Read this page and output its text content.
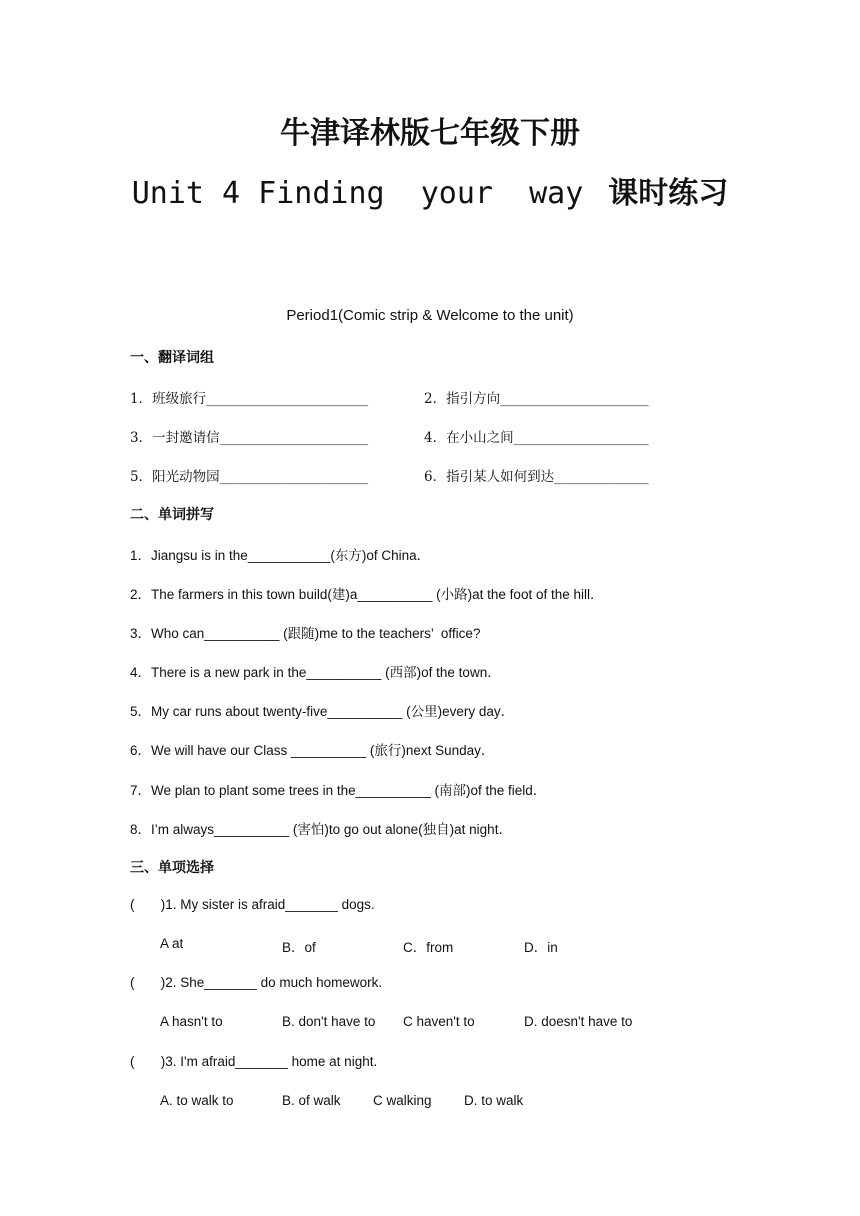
牛津译林版七年级下册
Unit 4 Finding  your  way 课时练习
Period1(Comic strip & Welcome to the unit)
一、翻译词组
1．班级旅行________________________	2．指引方向______________________
3．一封邀请信______________________	4．在小山之间____________________
5．阳光动物园______________________	6．指引某人如何到达______________
二、单词拼写
1．Jiangsu is in the___________(东方)of China．
2．The farmers in this town build(建)a__________ (小路)at the foot of the hill．
3．Who can__________ (跟随)me to the teachers’  office?
4．There is a new park in the__________ (西部)of the town．
5．My car runs about twenty-five__________ (公里)every day．
6．We will have our Class __________ (旅行)next Sunday．
7．We plan to plant some trees in the__________ (南部)of the field．
8．I’m always__________ (害怕)to go out alone(独自)at night．
三、单项选择
(       )1. My sister is afraid_______ dogs.
A at	B．of	C．from	D．in
(       )2. She_______ do much homework.
A hasn't to	B. don't have to C haven't to	D. doesn't have to
(       )3. I'm afraid_______ home at night.
A. to walk to	B. of walk C walking D. to walk
